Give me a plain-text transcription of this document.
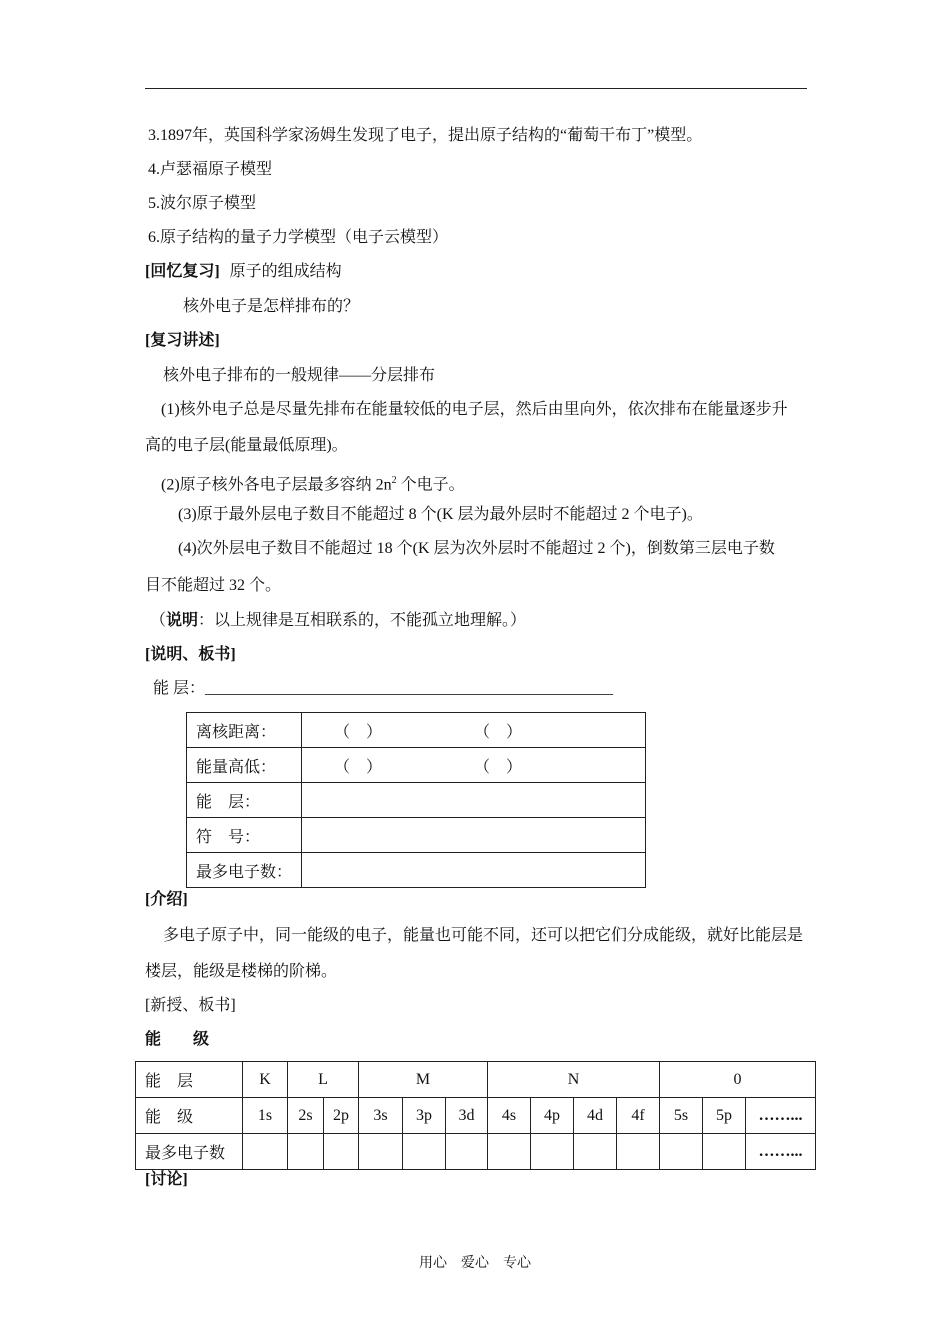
3.1897年，英国科学家汤姆生发现了电子，提出原子结构的“葡萄干布丁”模型。
4.卢瑟福原子模型
5.波尔原子模型
6.原子结构的量子力学模型（电子云模型）
[回忆复习] 原子的组成结构
核外电子是怎样排布的？
[复习讲述]
核外电子排布的一般规律——分层排布
(1)核外电子总是尽量先排布在能量较低的电子层，然后由里向外，依次排布在能量逐步升
高的电子层(能量最低原理)。
(2)原子核外各电子层最多容纳 $2n^2$ 个电子。
(3)原于最外层电子数目不能超过 8 个(K 层为最外层时不能超过 2 个电子)。
(4)次外层电子数目不能超过 18 个(K 层为次外层时不能超过 2 个)，倒数第三层电子数
目不能超过 32 个。
（说明：以上规律是互相联系的，不能孤立地理解。）
[说明、板书]
能 层：___________________________________________________
离核距离：	（　） （　）

能量高低：	（　） （　）

能　层：	
符　号：	
最多电子数：	
[介绍]
多电子原子中，同一能级的电子，能量也可能不同，还可以把它们分成能级，就好比能层是
楼层，能级是楼梯的阶梯。
[新授、板书]
能　　级
能　层	K	L		M			N				0		
能　级	1s	2s	2p	3s	3p	3d	4s	4p	4d	4f	5s	5p	……...
最多电子数													……...
[讨论]
用心　爱心　专心
